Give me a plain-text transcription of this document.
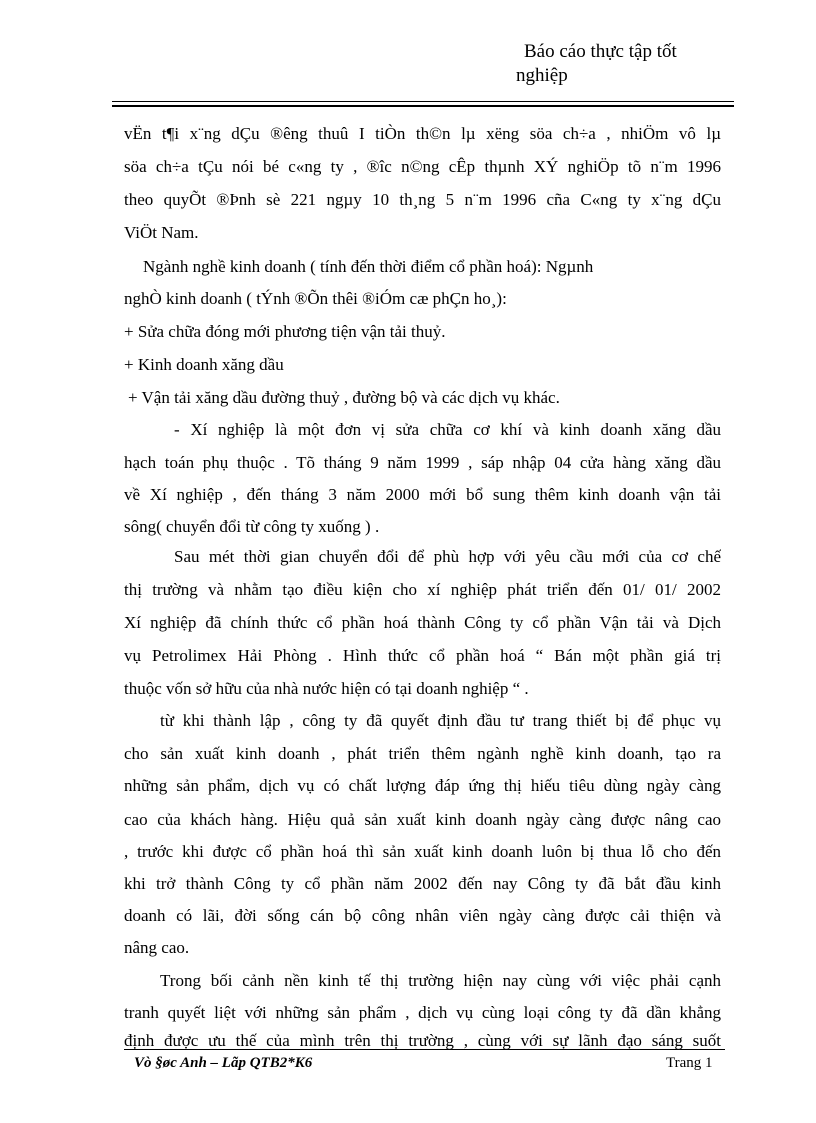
Báo cáo thực tập tốt
nghiệp
vËn t¶i x¨ng dÇu ®êng thuû I tiÒn th©n lµ xëng söa ch÷a , nhiÖm vô lµ
söa ch÷a tÇu nói bé c«ng ty , ®îc n©ng cÊp thµnh XÝ nghiÖp tõ n¨m 1996
theo quyÕt ®Þnh sè 221 ngµy 10 th¸ng 5 n¨m 1996 cña C«ng ty x¨ng dÇu
ViÖt Nam.
Ngành nghề kinh doanh ( tính đến thời điểm cổ phần hoá): Ngµnh
nghÒ kinh doanh ( tÝnh ®Õn thêi ®iÓm cæ phÇn ho¸):
+ Sửa chữa đóng mới phương tiện vận tải thuỷ.
+ Kinh doanh xăng dầu
+ Vận tải xăng dầu đường thuỷ , đường bộ và các dịch vụ khác.
- Xí nghiệp là một đơn vị sửa chữa cơ khí và kinh doanh xăng dầu
hạch toán phụ thuộc . Tõ tháng 9 năm 1999 , sáp nhập 04 cửa hàng xăng dầu
về Xí nghiệp , đến tháng 3 năm 2000 mới bổ sung thêm kinh doanh vận tải
sông( chuyển đổi từ công ty xuống ) .
Sau mét thời gian chuyển đổi để phù hợp với yêu cầu mới của cơ chế
thị trường và nhằm tạo điều kiện cho xí nghiệp phát triển đến 01/ 01/ 2002
Xí nghiệp đã chính thức cổ phần hoá thành Công ty cổ phần Vận tải và Dịch
vụ Petrolimex Hải Phòng . Hình thức cổ phần hoá “ Bán một phần giá trị
thuộc vốn sở hữu của nhà nước hiện có tại doanh nghiệp “ .
từ khi thành lập , công ty đã quyết định đầu tư trang thiết bị để phục vụ
cho sản xuất kinh doanh , phát triển thêm ngành nghề kinh doanh, tạo ra
những sản phẩm, dịch vụ có chất lượng đáp ứng thị hiếu tiêu dùng ngày càng
cao của khách hàng. Hiệu quả sản xuất kinh doanh ngày càng được nâng cao
, trước khi được cổ phần hoá thì sản xuất kinh doanh luôn bị thua lỗ cho đến
khi trở thành Công ty cổ phần năm 2002 đến nay Công ty đã bắt đầu kinh
doanh có lãi, đời sống cán bộ công nhân viên ngày càng được cải thiện và
nâng cao.
Trong bối cảnh nền kinh tế thị trường hiện nay cùng với việc phải cạnh
tranh quyết liệt với những sản phẩm , dịch vụ cùng loại công ty đã dần khẳng
định được ưu thế của mình trên thị trường , cùng với sự lãnh đạo sáng suốt
Vò §øc Anh – Lãp QTB2*K6	Trang 1
